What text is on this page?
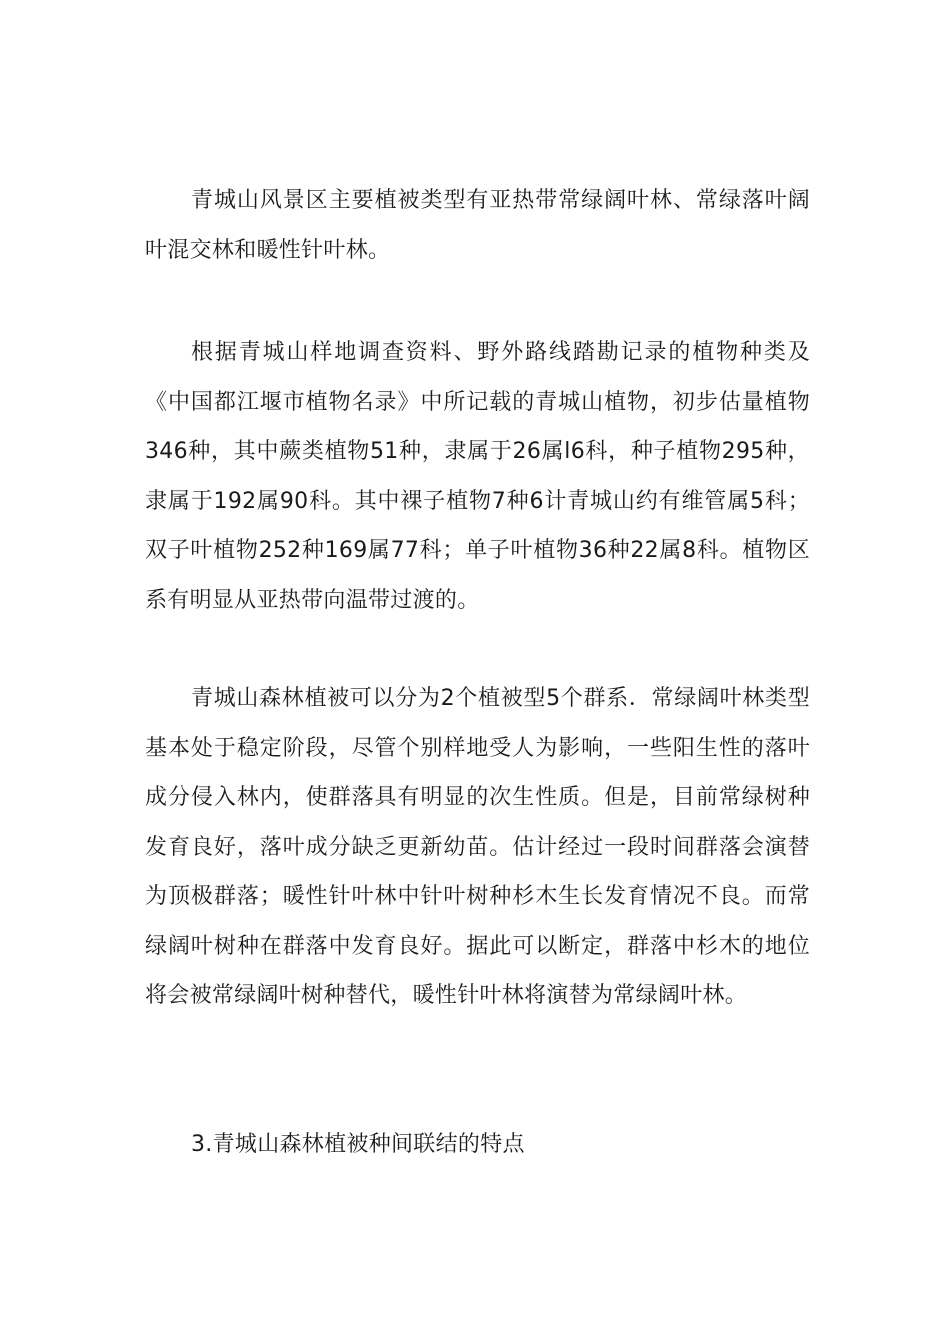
青城山风景区主要植被类型有亚热带常绿阔叶林、常绿落叶阔叶混交林和暖性针叶林。

根据青城山样地调查资料、野外路线踏勘记录的植物种类及《中国都江堰市植物名录》中所记载的青城山植物，初步估量植物346种，其中蕨类植物51种，隶属于26属l6科，种子植物295种，隶属于192属90科。其中裸子植物7种6计青城山约有维管属5科；双子叶植物252种169属77科；单子叶植物36种22属8科。植物区系有明显从亚热带向温带过渡的。

青城山森林植被可以分为2个植被型5个群系．常绿阔叶林类型基本处于稳定阶段，尽管个别样地受人为影响，一些阳生性的落叶成分侵入林内，使群落具有明显的次生性质。但是，目前常绿树种发育良好，落叶成分缺乏更新幼苗。估计经过一段时间群落会演替为顶极群落；暖性针叶林中针叶树种杉木生长发育情况不良。而常绿阔叶树种在群落中发育良好。据此可以断定，群落中杉木的地位将会被常绿阔叶树种替代，暖性针叶林将演替为常绿阔叶林。

3.青城山森林植被种间联结的特点
